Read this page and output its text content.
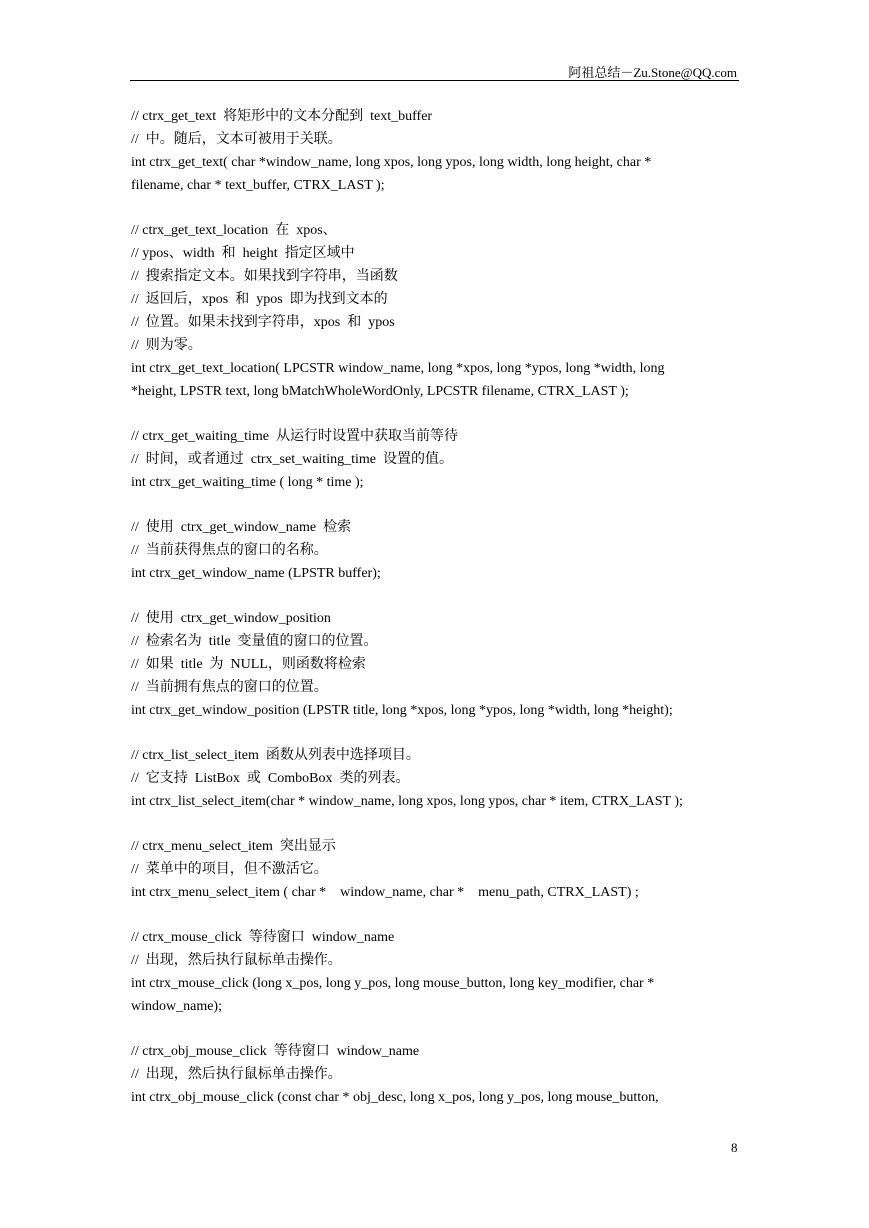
阿祖总结－Zu.Stone@QQ.com
// ctrx_get_text  将矩形中的文本分配到  text_buffer
//  中。随后，文本可被用于关联。
int ctrx_get_text( char *window_name, long xpos, long ypos, long width, long height, char *
filename, char * text_buffer, CTRX_LAST );
// ctrx_get_text_location  在  xpos、
// ypos、width  和  height  指定区域中
//  搜索指定文本。如果找到字符串，当函数
//  返回后，xpos  和  ypos  即为找到文本的
//  位置。如果未找到字符串，xpos  和  ypos
//  则为零。
int ctrx_get_text_location( LPCSTR window_name, long *xpos, long *ypos, long *width, long
*height, LPSTR text, long bMatchWholeWordOnly, LPCSTR filename, CTRX_LAST );
// ctrx_get_waiting_time  从运行时设置中获取当前等待
//  时间，或者通过  ctrx_set_waiting_time  设置的值。
int ctrx_get_waiting_time ( long * time );
//  使用  ctrx_get_window_name  检索
//  当前获得焦点的窗口的名称。
int ctrx_get_window_name (LPSTR buffer);
//  使用  ctrx_get_window_position
//  检索名为  title  变量值的窗口的位置。
//  如果  title  为  NULL，则函数将检索
//  当前拥有焦点的窗口的位置。
int ctrx_get_window_position (LPSTR title, long *xpos, long *ypos, long *width, long *height);
// ctrx_list_select_item  函数从列表中选择项目。
//  它支持  ListBox  或  ComboBox  类的列表。
int ctrx_list_select_item(char * window_name, long xpos, long ypos, char * item, CTRX_LAST );
// ctrx_menu_select_item  突出显示
//  菜单中的项目，但不激活它。
int ctrx_menu_select_item ( char *    window_name, char *    menu_path, CTRX_LAST) ;
// ctrx_mouse_click  等待窗口  window_name
//  出现，然后执行鼠标单击操作。
int ctrx_mouse_click (long x_pos, long y_pos, long mouse_button, long key_modifier, char *
window_name);
// ctrx_obj_mouse_click  等待窗口  window_name
//  出现，然后执行鼠标单击操作。
int ctrx_obj_mouse_click (const char * obj_desc, long x_pos, long y_pos, long mouse_button,
8
